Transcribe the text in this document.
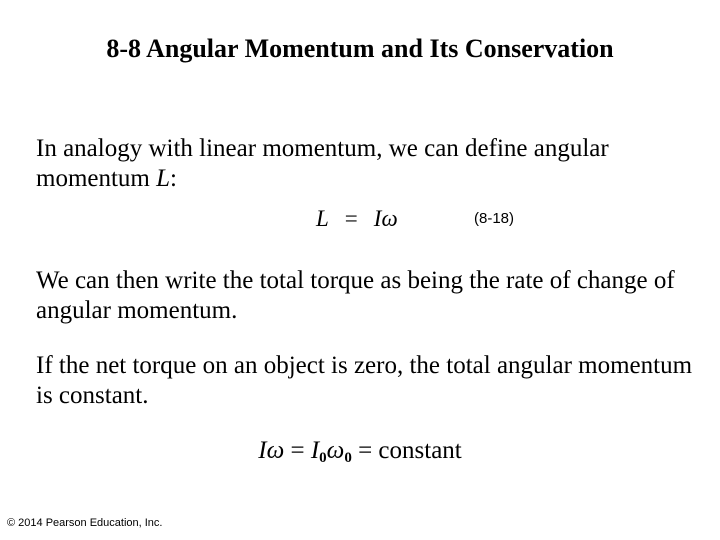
8-8 Angular Momentum and Its Conservation
In analogy with linear momentum, we can define angular momentum L:
L = Iω	(8-18)
We can then write the total torque as being the rate of change of angular momentum.
If the net torque on an object is zero, the total angular momentum is constant.
$I\omega = I_0\omega_0$ = constant
© 2014 Pearson Education, Inc.
